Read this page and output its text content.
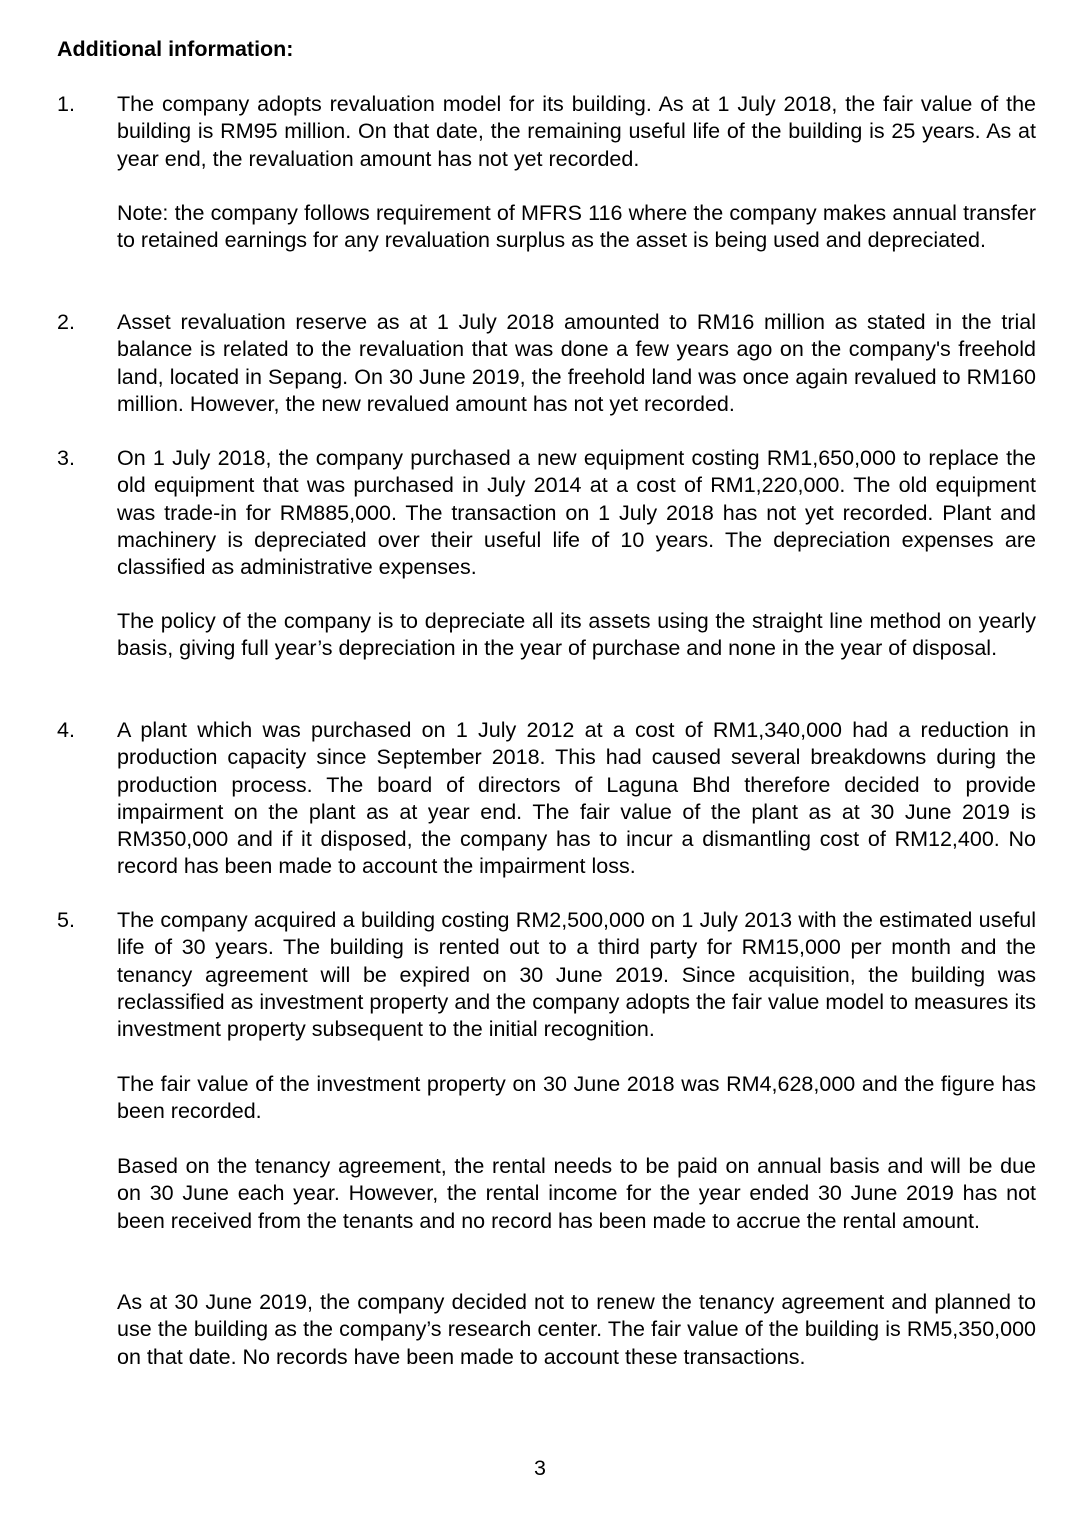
Additional information:
1. The company adopts revaluation model for its building. As at 1 July 2018, the fair value of the building is RM95 million. On that date, the remaining useful life of the building is 25 years. As at year end, the revaluation amount has not yet recorded.

Note: the company follows requirement of MFRS 116 where the company makes annual transfer to retained earnings for any revaluation surplus as the asset is being used and depreciated.

2. Asset revaluation reserve as at 1 July 2018 amounted to RM16 million as stated in the trial balance is related to the revaluation that was done a few years ago on the company's freehold land, located in Sepang. On 30 June 2019, the freehold land was once again revalued to RM160 million. However, the new revalued amount has not yet recorded.

3. On 1 July 2018, the company purchased a new equipment costing RM1,650,000 to replace the old equipment that was purchased in July 2014 at a cost of RM1,220,000. The old equipment was trade-in for RM885,000. The transaction on 1 July 2018 has not yet recorded. Plant and machinery is depreciated over their useful life of 10 years. The depreciation expenses are classified as administrative expenses.

The policy of the company is to depreciate all its assets using the straight line method on yearly basis, giving full year’s depreciation in the year of purchase and none in the year of disposal.

4. A plant which was purchased on 1 July 2012 at a cost of RM1,340,000 had a reduction in production capacity since September 2018. This had caused several breakdowns during the production process. The board of directors of Laguna Bhd therefore decided to provide impairment on the plant as at year end. The fair value of the plant as at 30 June 2019 is RM350,000 and if it disposed, the company has to incur a dismantling cost of RM12,400. No record has been made to account the impairment loss.

5. The company acquired a building costing RM2,500,000 on 1 July 2013 with the estimated useful life of 30 years. The building is rented out to a third party for RM15,000 per month and the tenancy agreement will be expired on 30 June 2019. Since acquisition, the building was reclassified as investment property and the company adopts the fair value model to measures its investment property subsequent to the initial recognition.

The fair value of the investment property on 30 June 2018 was RM4,628,000 and the figure has been recorded.

Based on the tenancy agreement, the rental needs to be paid on annual basis and will be due on 30 June each year. However, the rental income for the year ended 30 June 2019 has not been received from the tenants and no record has been made to accrue the rental amount.

As at 30 June 2019, the company decided not to renew the tenancy agreement and planned to use the building as the company’s research center. The fair value of the building is RM5,350,000 on that date. No records have been made to account these transactions.

3
